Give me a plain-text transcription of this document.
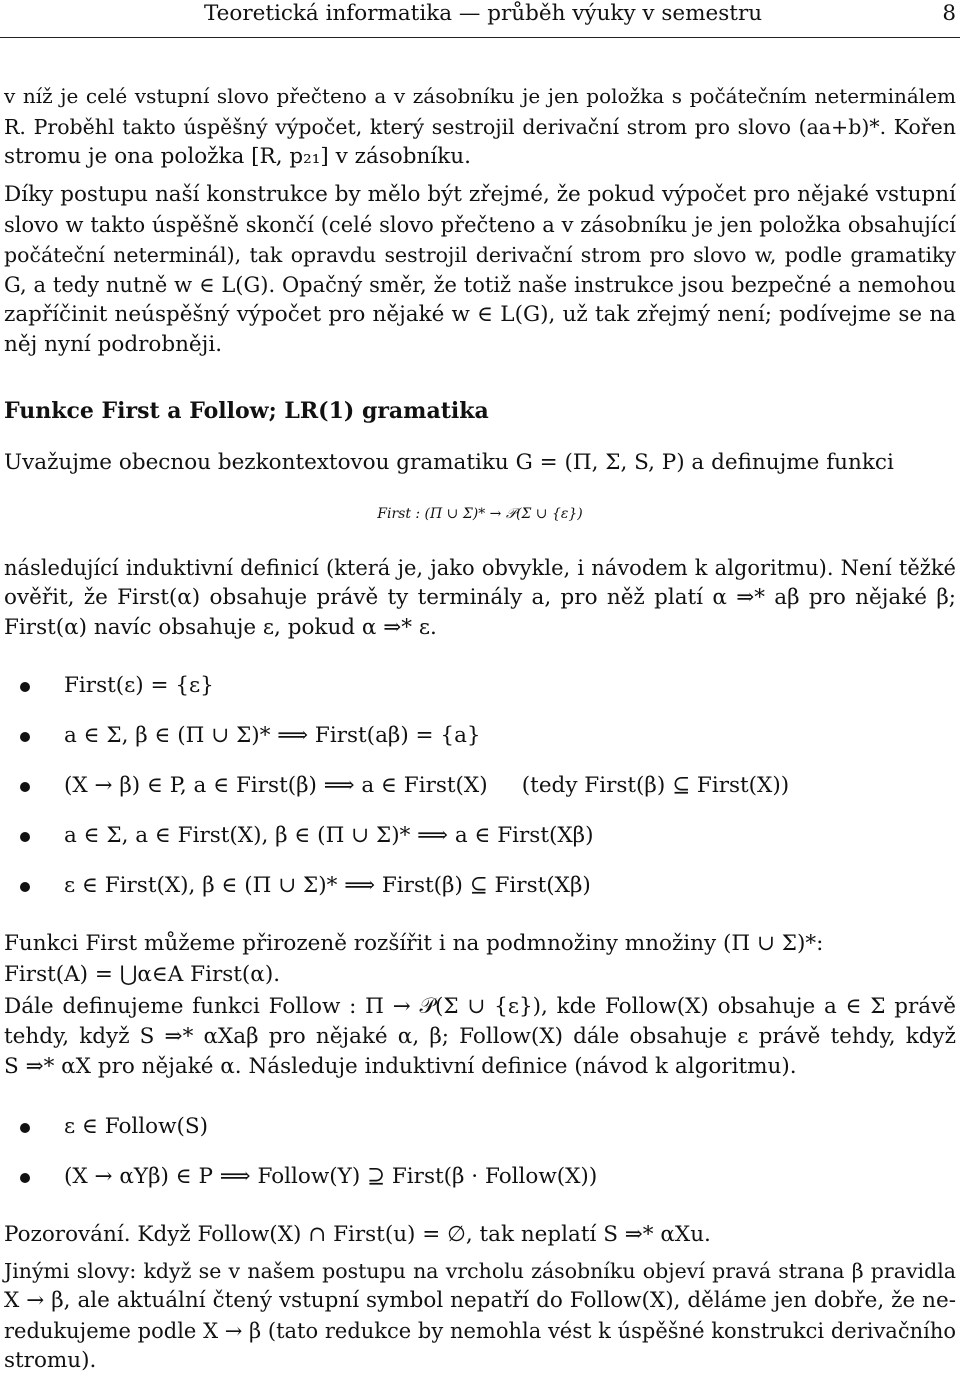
Teoretická informatika — průběh výuky v semestru	8
v níž je celé vstupní slovo přečteno a v zásobníku je jen položka s počátečním neterminálem
R. Proběhl takto úspěšný výpočet, který sestrojil derivační strom pro slovo (aa+b)*. Kořen
stromu je ona položka [R, p₂₁] v zásobníku.
Díky postupu naší konstrukce by mělo být zřejmé, že pokud výpočet pro nějaké vstupní
slovo w takto úspěšně skončí (celé slovo přečteno a v zásobníku je jen položka obsahující
počáteční neterminál), tak opravdu sestrojil derivační strom pro slovo w, podle gramatiky
G, a tedy nutně w ∈ L(G). Opačný směr, že totiž naše instrukce jsou bezpečné a nemohou
zapříčinit neúspěšný výpočet pro nějaké w ∈ L(G), už tak zřejmý není; podívejme se na
něj nyní podrobněji.
Funkce First a Follow; LR(1) gramatika
Uvažujme obecnou bezkontextovou gramatiku G = (Π, Σ, S, P) a definujme funkci
First : (Π ∪ Σ)* → 𝒫(Σ ∪ {ε})
následující induktivní definicí (která je, jako obvykle, i návodem k algoritmu). Není těžké
ověřit, že First(α) obsahuje právě ty terminály a, pro něž platí α ⇒* aβ pro nějaké β;
First(α) navíc obsahuje ε, pokud α ⇒* ε.
First(ε) = {ε}
a ∈ Σ, β ∈ (Π ∪ Σ)* ⟹ First(aβ) = {a}
(X → β) ∈ P, a ∈ First(β) ⟹ a ∈ First(X)     (tedy First(β) ⊆ First(X))
a ∈ Σ, a ∈ First(X), β ∈ (Π ∪ Σ)* ⟹ a ∈ First(Xβ)
ε ∈ First(X), β ∈ (Π ∪ Σ)* ⟹ First(β) ⊆ First(Xβ)
Funkci First můžeme přirozeně rozšířit i na podmnožiny množiny (Π ∪ Σ)*:
First(A) = ⋃α∈A First(α).
Dále definujeme funkci Follow : Π → 𝒫(Σ ∪ {ε}), kde Follow(X) obsahuje a ∈ Σ právě
tehdy, když S ⇒* αXaβ pro nějaké α, β; Follow(X) dále obsahuje ε právě tehdy, když
S ⇒* αX pro nějaké α. Následuje induktivní definice (návod k algoritmu).
ε ∈ Follow(S)
(X → αYβ) ∈ P ⟹ Follow(Y) ⊇ First(β · Follow(X))
Pozorování. Když Follow(X) ∩ First(u) = ∅, tak neplatí S ⇒* αXu.
Jinými slovy: když se v našem postupu na vrcholu zásobníku objeví pravá strana β pravidla
X → β, ale aktuální čtený vstupní symbol nepatří do Follow(X), děláme jen dobře, že ne-
redukujeme podle X → β (tato redukce by nemohla vést k úspěšné konstrukci derivačního
stromu).
